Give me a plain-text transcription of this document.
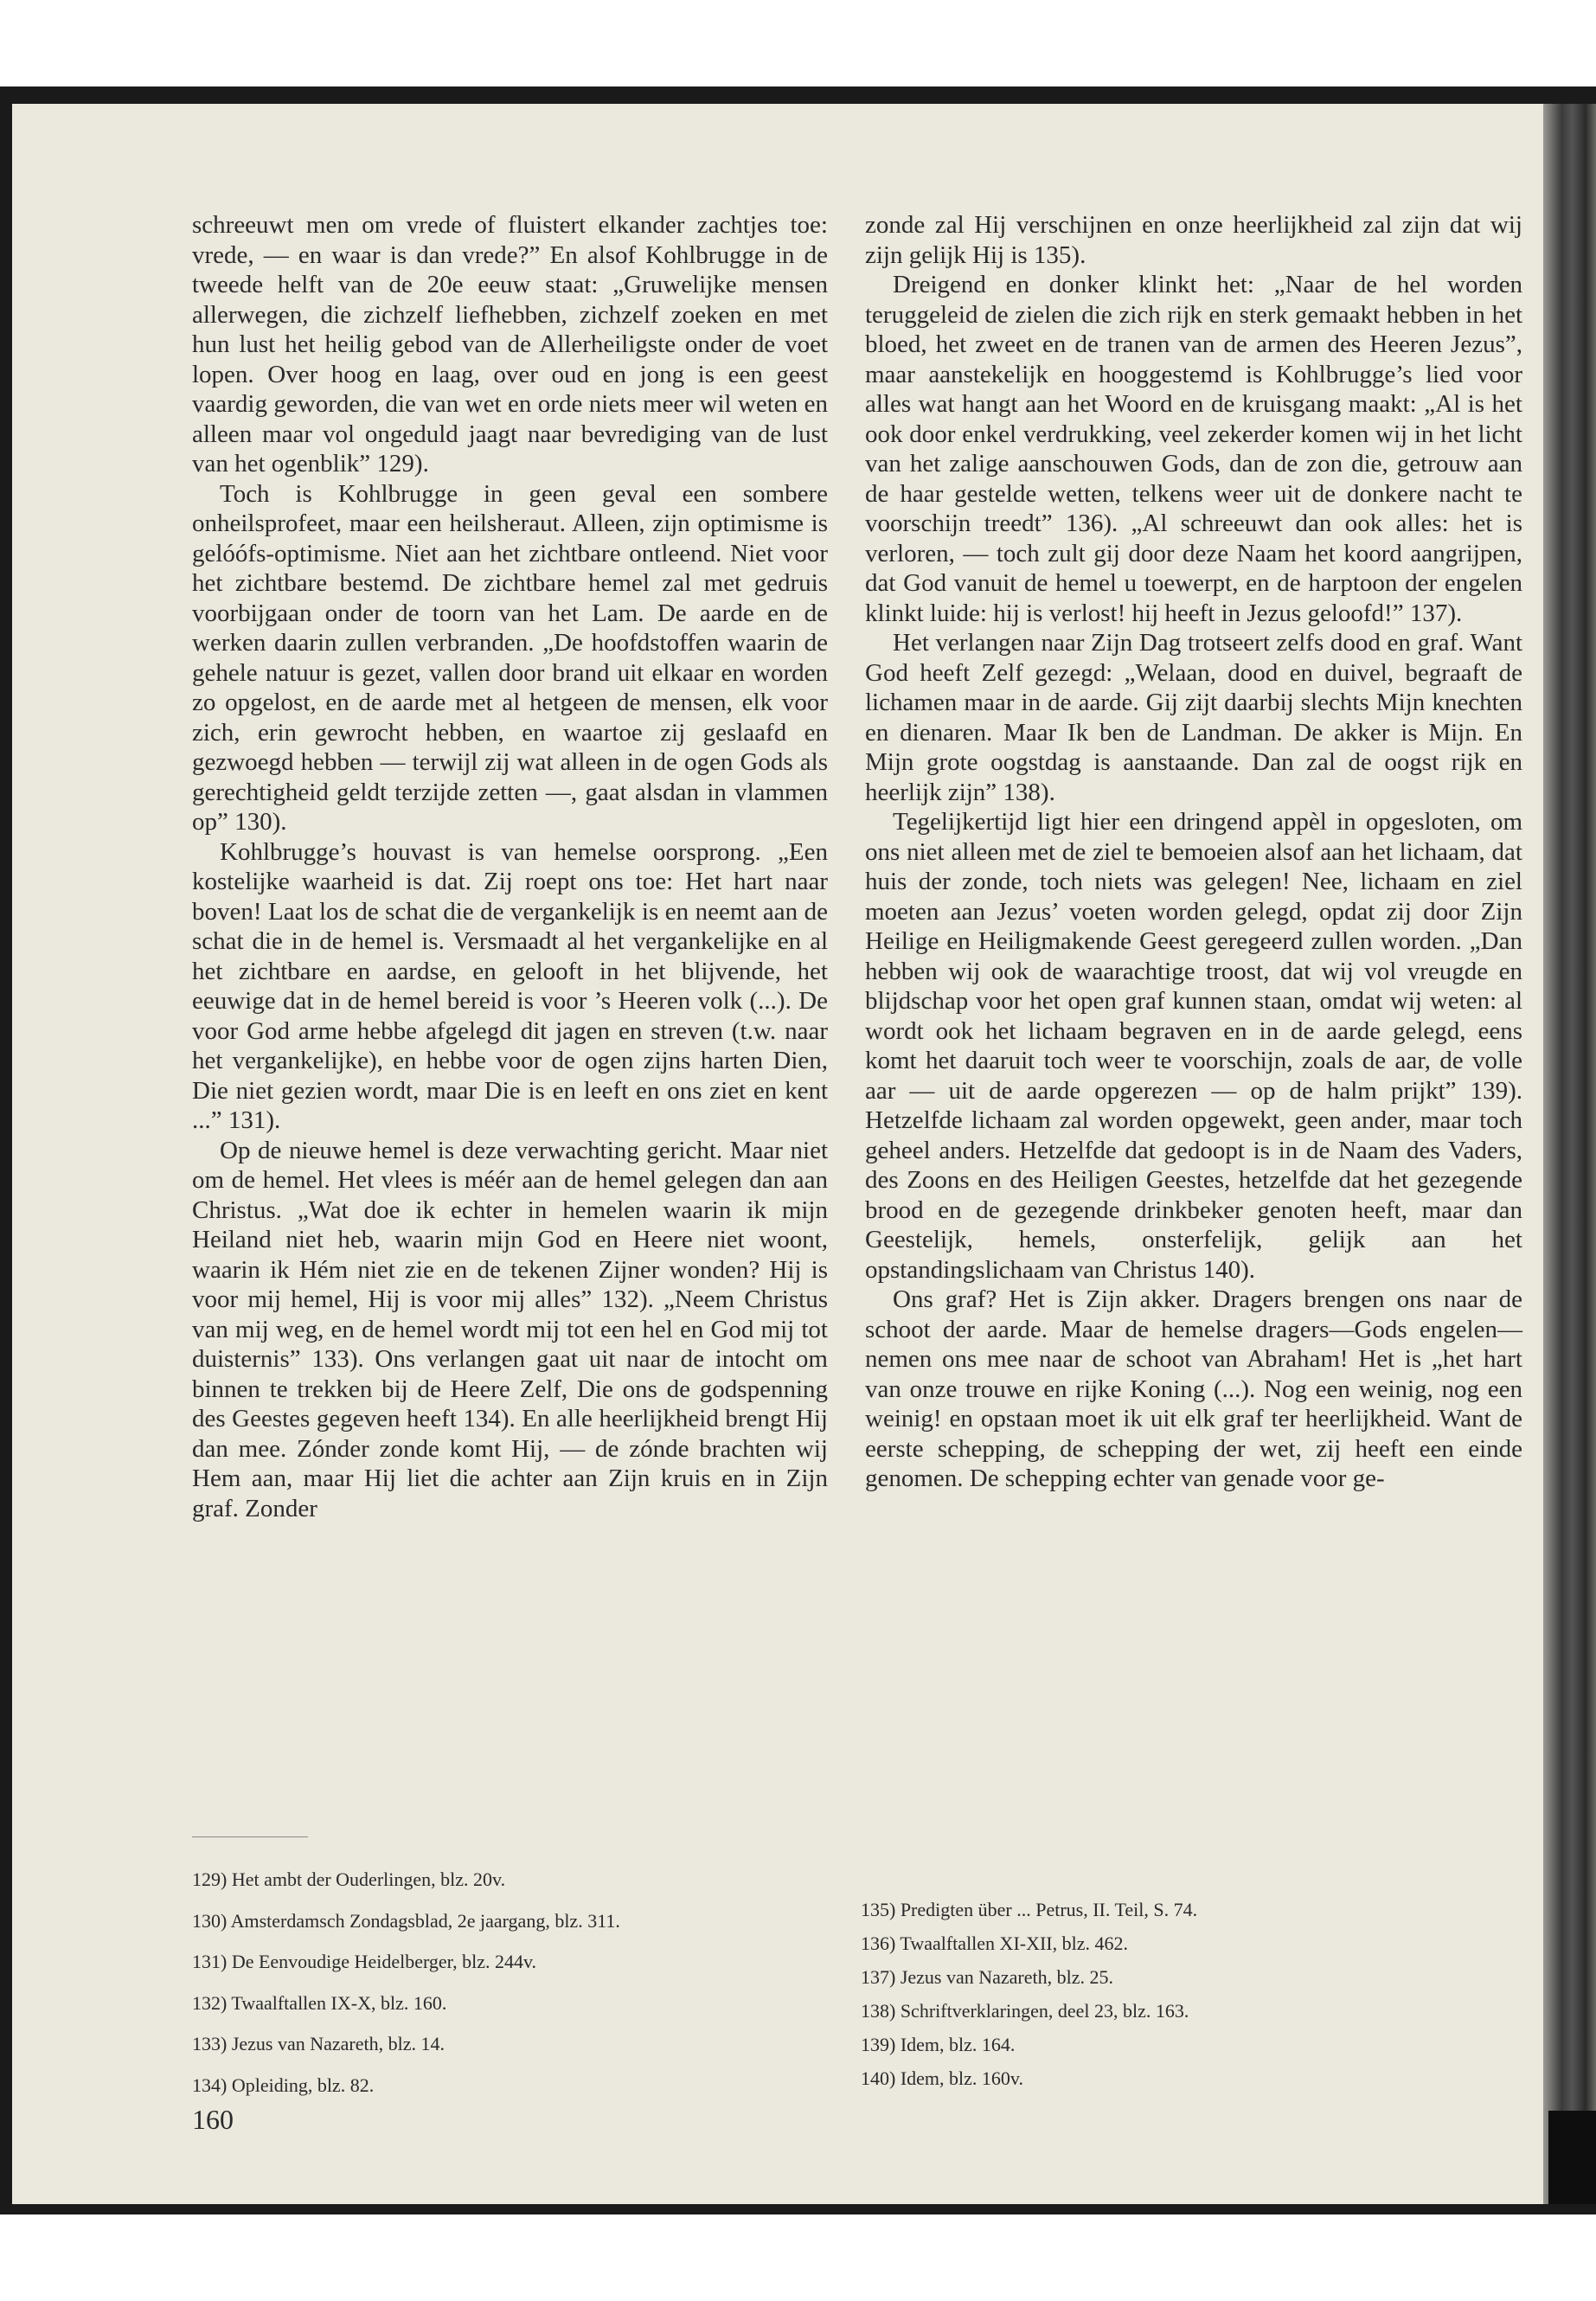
schreeuwt men om vrede of fluistert elkander zachtjes toe: vrede, — en waar is dan vrede?” En alsof Kohlbrugge in de tweede helft van de 20e eeuw staat: „Gruwelijke mensen allerwegen, die zichzelf liefhebben, zichzelf zoeken en met hun lust het heilig gebod van de Allerheiligste onder de voet lopen. Over hoog en laag, over oud en jong is een geest vaardig geworden, die van wet en orde niets meer wil weten en alleen maar vol ongeduld jaagt naar bevrediging van de lust van het ogenblik” 129).

Toch is Kohlbrugge in geen geval een sombere onheilsprofeet, maar een heilsheraut. Alleen, zijn optimisme is gelóófs-optimisme. Niet aan het zichtbare ontleend. Niet voor het zichtbare bestemd. De zichtbare hemel zal met gedruis voorbijgaan onder de toorn van het Lam. De aarde en de werken daarin zullen verbranden. „De hoofdstoffen waarin de gehele natuur is gezet, vallen door brand uit elkaar en worden zo opgelost, en de aarde met al hetgeen de mensen, elk voor zich, erin gewrocht hebben, en waartoe zij geslaafd en gezwoegd hebben — terwijl zij wat alleen in de ogen Gods als gerechtigheid geldt terzijde zetten —, gaat alsdan in vlammen op” 130).

Kohlbrugge’s houvast is van hemelse oorsprong. „Een kostelijke waarheid is dat. Zij roept ons toe: Het hart naar boven! Laat los de schat die de vergankelijk is en neemt aan de schat die in de hemel is. Versmaadt al het vergankelijke en al het zichtbare en aardse, en gelooft in het blijvende, het eeuwige dat in de hemel bereid is voor ’s Heeren volk (...). De voor God arme hebbe afgelegd dit jagen en streven (t.w. naar het vergankelijke), en hebbe voor de ogen zijns harten Dien, Die niet gezien wordt, maar Die is en leeft en ons ziet en kent ...” 131).

Op de nieuwe hemel is deze verwachting gericht. Maar niet om de hemel. Het vlees is méér aan de hemel gelegen dan aan Christus. „Wat doe ik echter in hemelen waarin ik mijn Heiland niet heb, waarin mijn God en Heere niet woont, waarin ik Hém niet zie en de tekenen Zijner wonden? Hij is voor mij hemel, Hij is voor mij alles” 132). „Neem Christus van mij weg, en de hemel wordt mij tot een hel en God mij tot duisternis” 133). Ons verlangen gaat uit naar de intocht om binnen te trekken bij de Heere Zelf, Die ons de godspenning des Geestes gegeven heeft 134). En alle heerlijkheid brengt Hij dan mee. Zónder zonde komt Hij, — de zónde brachten wij Hem aan, maar Hij liet die achter aan Zijn kruis en in Zijn graf. Zonder

zonde zal Hij verschijnen en onze heerlijkheid zal zijn dat wij zijn gelijk Hij is 135).

Dreigend en donker klinkt het: „Naar de hel worden teruggeleid de zielen die zich rijk en sterk gemaakt hebben in het bloed, het zweet en de tranen van de armen des Heeren Jezus”, maar aanstekelijk en hooggestemd is Kohlbrugge’s lied voor alles wat hangt aan het Woord en de kruisgang maakt: „Al is het ook door enkel verdrukking, veel zekerder komen wij in het licht van het zalige aanschouwen Gods, dan de zon die, getrouw aan de haar gestelde wetten, telkens weer uit de donkere nacht te voorschijn treedt” 136). „Al schreeuwt dan ook alles: het is verloren, — toch zult gij door deze Naam het koord aangrijpen, dat God vanuit de hemel u toewerpt, en de harptoon der engelen klinkt luide: hij is verlost! hij heeft in Jezus geloofd!” 137).

Het verlangen naar Zijn Dag trotseert zelfs dood en graf. Want God heeft Zelf gezegd: „Welaan, dood en duivel, begraaft de lichamen maar in de aarde. Gij zijt daarbij slechts Mijn knechten en dienaren. Maar Ik ben de Landman. De akker is Mijn. En Mijn grote oogstdag is aanstaande. Dan zal de oogst rijk en heerlijk zijn” 138).

Tegelijkertijd ligt hier een dringend appèl in opgesloten, om ons niet alleen met de ziel te bemoeien alsof aan het lichaam, dat huis der zonde, toch niets was gelegen! Nee, lichaam en ziel moeten aan Jezus’ voeten worden gelegd, opdat zij door Zijn Heilige en Heiligmakende Geest geregeerd zullen worden. „Dan hebben wij ook de waarachtige troost, dat wij vol vreugde en blijdschap voor het open graf kunnen staan, omdat wij weten: al wordt ook het lichaam begraven en in de aarde gelegd, eens komt het daaruit toch weer te voorschijn, zoals de aar, de volle aar — uit de aarde opgerezen — op de halm prijkt” 139). Hetzelfde lichaam zal worden opgewekt, geen ander, maar toch geheel anders. Hetzelfde dat gedoopt is in de Naam des Vaders, des Zoons en des Heiligen Geestes, hetzelfde dat het gezegende brood en de gezegende drinkbeker genoten heeft, maar dan Geestelijk, hemels, onsterfelijk, gelijk aan het opstandingslichaam van Christus 140).

Ons graf? Het is Zijn akker. Dragers brengen ons naar de schoot der aarde. Maar de hemelse dragers—Gods engelen—nemen ons mee naar de schoot van Abraham! Het is „het hart van onze trouwe en rijke Koning (...). Nog een weinig, nog een weinig! en opstaan moet ik uit elk graf ter heerlijkheid. Want de eerste schepping, de schepping der wet, zij heeft een einde genomen. De schepping echter van genade voor ge-

129) Het ambt der Ouderlingen, blz. 20v.
130) Amsterdamsch Zondagsblad, 2e jaargang, blz. 311.
131) De Eenvoudige Heidelberger, blz. 244v.
132) Twaalftallen IX-X, blz. 160.
133) Jezus van Nazareth, blz. 14.
134) Opleiding, blz. 82.
135) Predigten über ... Petrus, II. Teil, S. 74.
136) Twaalftallen XI-XII, blz. 462.
137) Jezus van Nazareth, blz. 25.
138) Schriftverklaringen, deel 23, blz. 163.
139) Idem, blz. 164.
140) Idem, blz. 160v.
160
